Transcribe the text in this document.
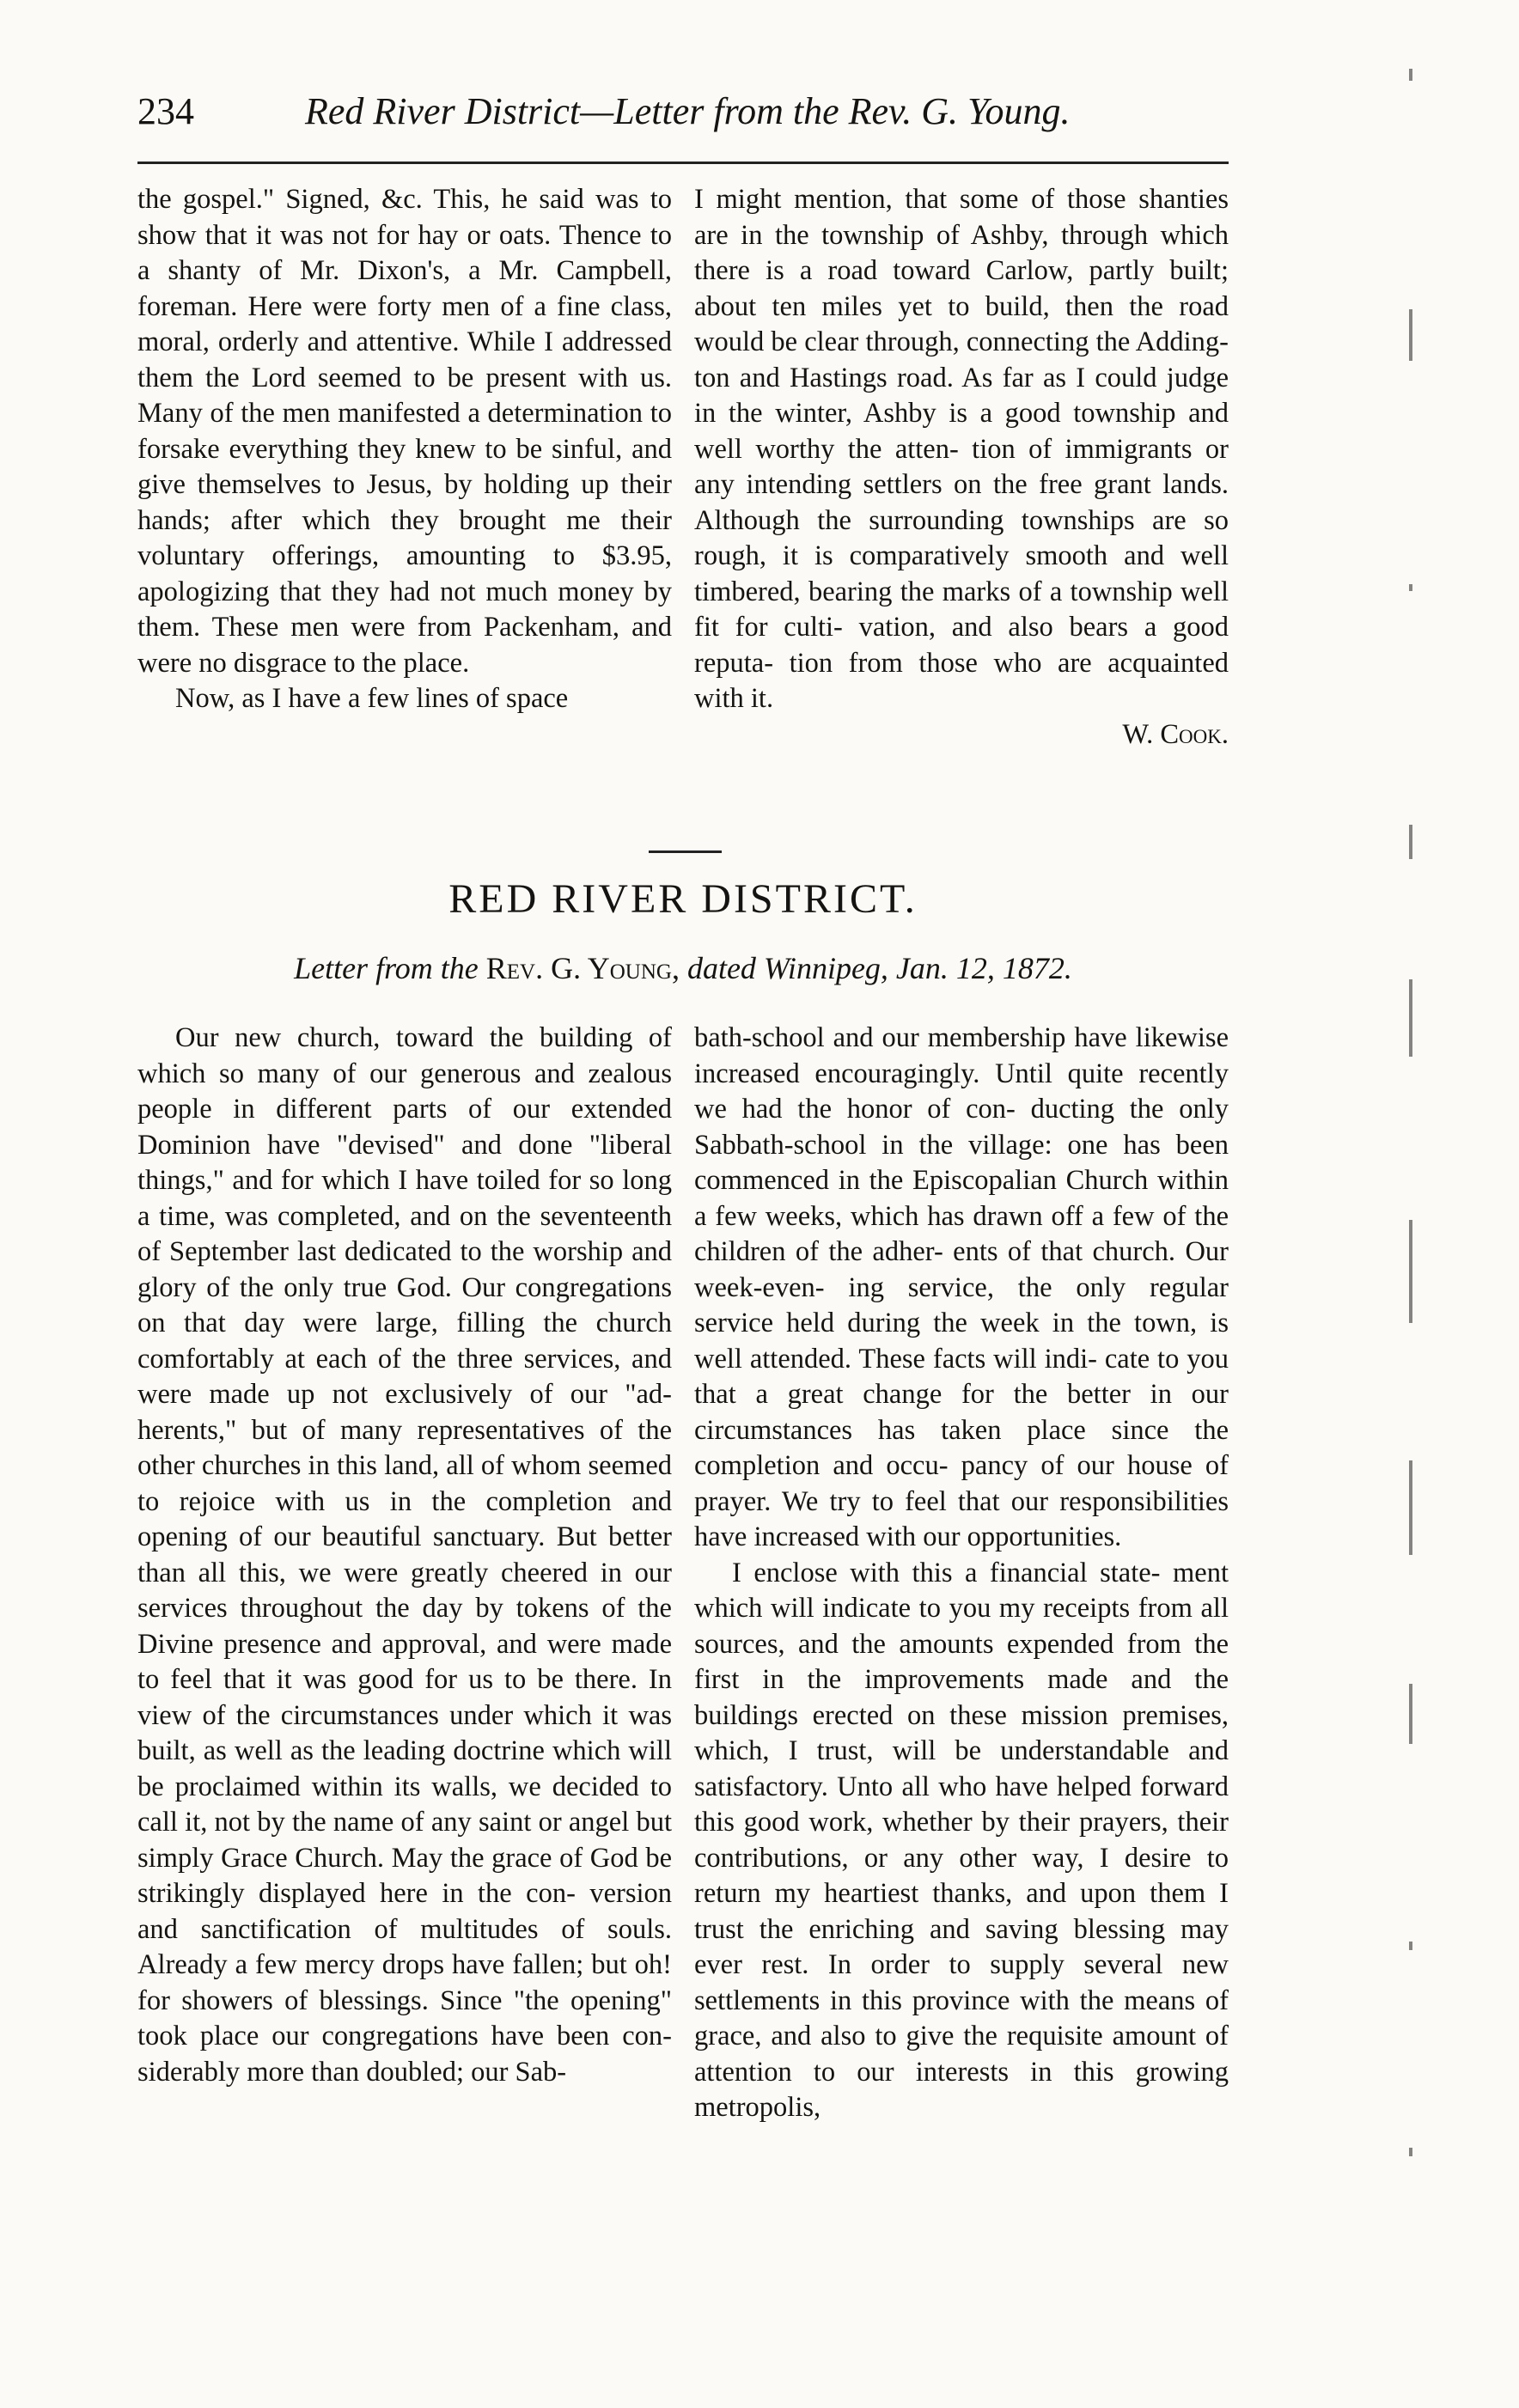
234	Red River District—Letter from the Rev. G. Young.

the gospel." Signed, &c. This, he said was to show that it was not for hay or oats. Thence to a shanty of Mr. Dixon's, a Mr. Campbell, foreman. Here were forty men of a fine class, moral, orderly and attentive. While I addressed them the Lord seemed to be present with us. Many of the men manifested a determination to forsake everything they knew to be sinful, and give themselves to Jesus, by holding up their hands; after which they brought me their voluntary offerings, amounting to $3.95, apologizing that they had not much money by them. These men were from Packenham, and were no disgrace to the place.

Now, as I have a few lines of space

I might mention, that some of those shanties are in the township of Ashby, through which there is a road toward Carlow, partly built; about ten miles yet to build, then the road would be clear through, connecting the Adding- ton and Hastings road. As far as I could judge in the winter, Ashby is a good township and well worthy the atten- tion of immigrants or any intending settlers on the free grant lands. Although the surrounding townships are so rough, it is comparatively smooth and well timbered, bearing the marks of a township well fit for culti- vation, and also bears a good reputa- tion from those who are acquainted with it.

W. Cook.

RED RIVER DISTRICT.
Letter from the Rev. G. Young, dated Winnipeg, Jan. 12, 1872.

Our new church, toward the building of which so many of our generous and zealous people in different parts of our extended Dominion have "devised" and done "liberal things," and for which I have toiled for so long a time, was completed, and on the seventeenth of September last dedicated to the worship and glory of the only true God. Our congregations on that day were large, filling the church comfortably at each of the three services, and were made up not exclusively of our "ad- herents," but of many representatives of the other churches in this land, all of whom seemed to rejoice with us in the completion and opening of our beautiful sanctuary. But better than all this, we were greatly cheered in our services throughout the day by tokens of the Divine presence and approval, and were made to feel that it was good for us to be there. In view of the circumstances under which it was built, as well as the leading doctrine which will be proclaimed within its walls, we decided to call it, not by the name of any saint or angel but simply Grace Church. May the grace of God be strikingly displayed here in the con- version and sanctification of multitudes of souls. Already a few mercy drops have fallen; but oh! for showers of blessings. Since "the opening" took place our congregations have been con- siderably more than doubled; our Sab-

bath-school and our membership have likewise increased encouragingly. Until quite recently we had the honor of con- ducting the only Sabbath-school in the village: one has been commenced in the Episcopalian Church within a few weeks, which has drawn off a few of the children of the adher- ents of that church. Our week-even- ing service, the only regular service held during the week in the town, is well attended. These facts will indi- cate to you that a great change for the better in our circumstances has taken place since the completion and occu- pancy of our house of prayer. We try to feel that our responsibilities have increased with our opportunities.

I enclose with this a financial state- ment which will indicate to you my receipts from all sources, and the amounts expended from the first in the improvements made and the buildings erected on these mission premises, which, I trust, will be understandable and satisfactory. Unto all who have helped forward this good work, whether by their prayers, their contributions, or any other way, I desire to return my heartiest thanks, and upon them I trust the enriching and saving blessing may ever rest. In order to supply several new settlements in this province with the means of grace, and also to give the requisite amount of attention to our interests in this growing metropolis,
